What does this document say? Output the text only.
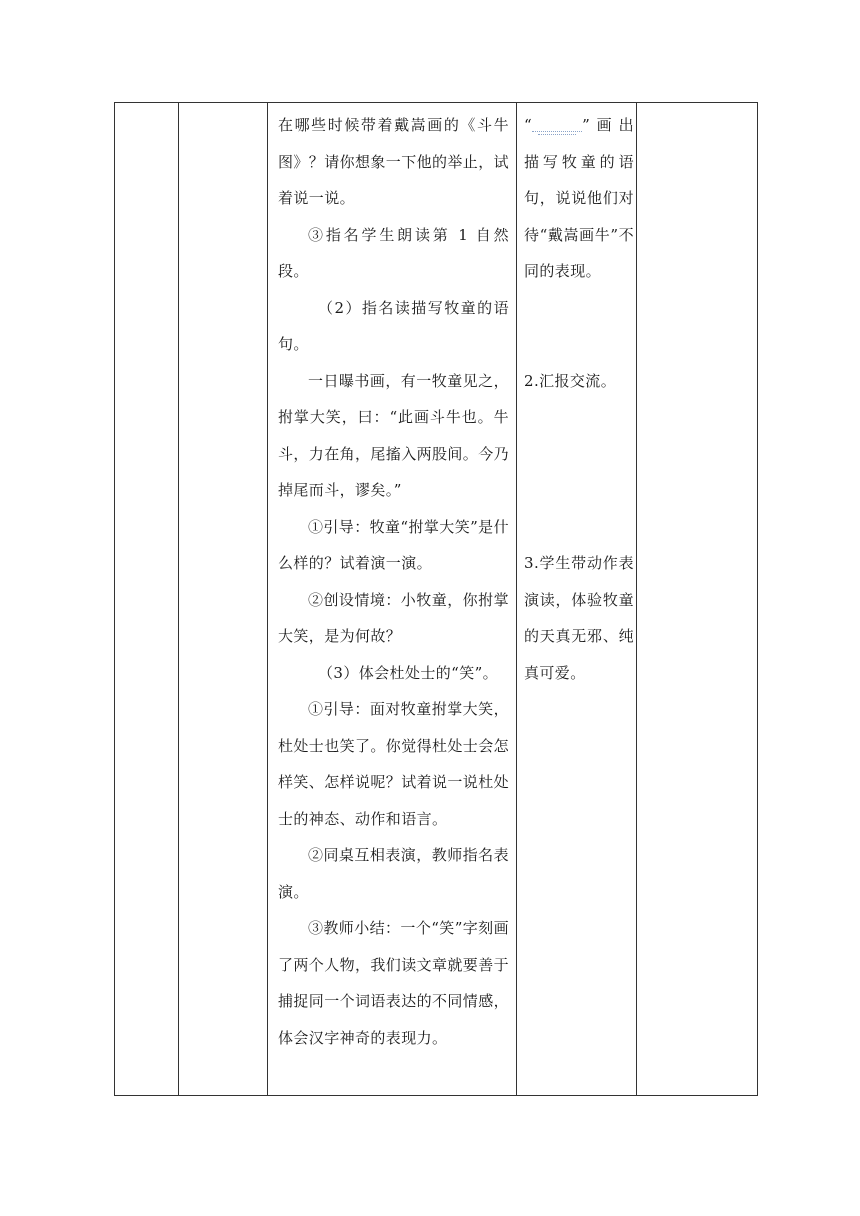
在哪些时候带着戴嵩画的《斗牛图》？请你想象一下他的举止，试着说一说。

③指名学生朗读第 1 自然段。

（2）指名读描写牧童的语句。

一日曝书画，有一牧童见之，拊掌大笑，曰：“此画斗牛也。牛斗，力在角，尾搐入两股间。今乃掉尾而斗，谬矣。”

①引导：牧童“拊掌大笑”是什么样的？试着演一演。

②创设情境：小牧童，你拊掌大笑，是为何故？

（3）体会杜处士的“笑”。

①引导：面对牧童拊掌大笑，杜处士也笑了。你觉得杜处士会怎样笑、怎样说呢？试着说一说杜处士的神态、动作和语言。

②同桌互相表演，教师指名表演。

③教师小结：一个“笑”字刻画了两个人物，我们读文章就要善于捕捉同一个词语表达的不同情感，体会汉字神奇的表现力。

“	”画出描写牧童的语句，说说他们对待“戴嵩画牛”不同的表现。

2.汇报交流。

3.学生带动作表演读，体验牧童的天真无邪、纯真可爱。
